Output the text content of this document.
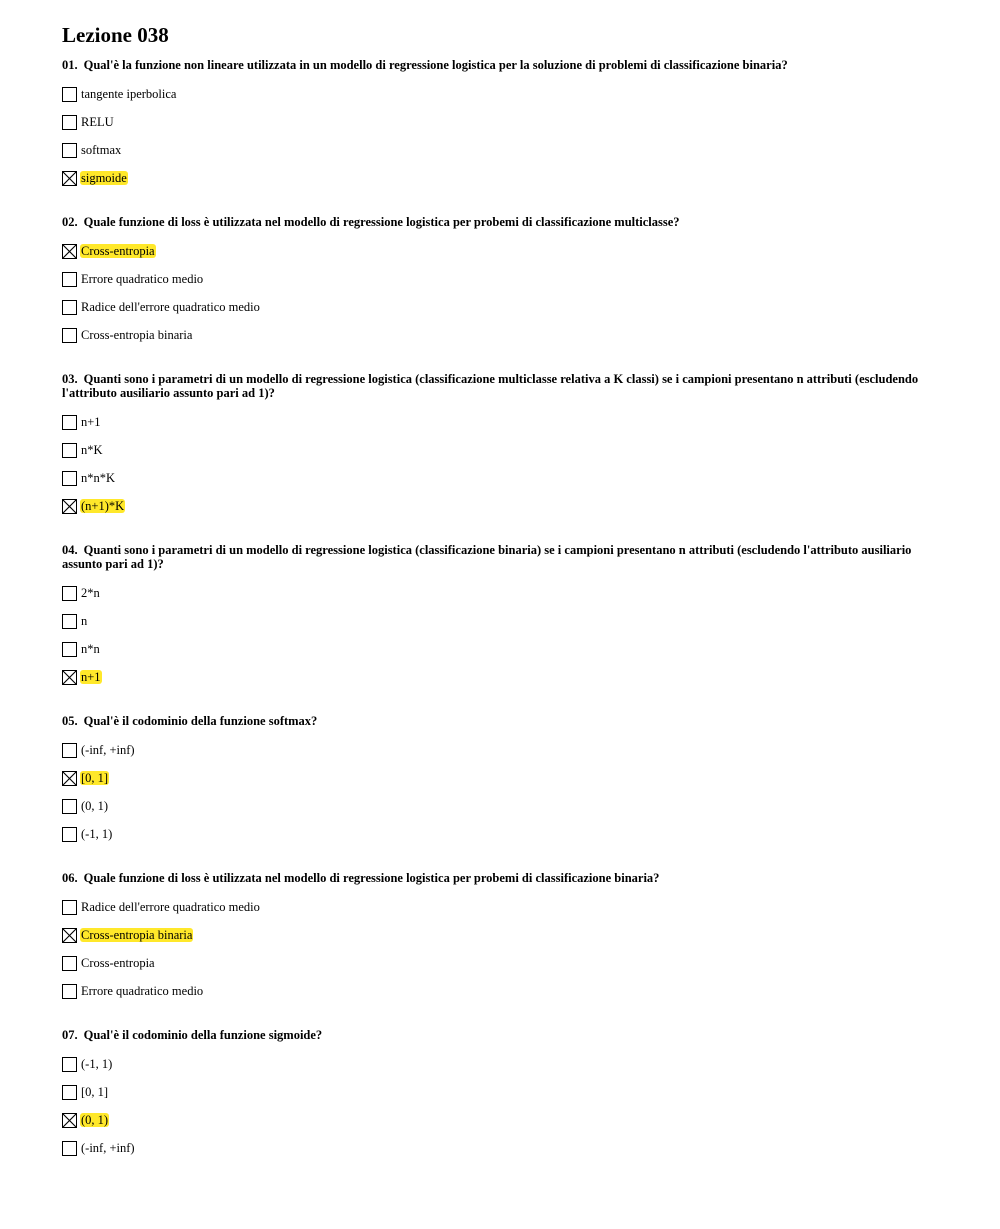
Lezione 038
01. Qual'è la funzione non lineare utilizzata in un modello di regressione logistica per la soluzione di problemi di classificazione binaria?
tangente iperbolica
RELU
softmax
sigmoide
02. Quale funzione di loss è utilizzata nel modello di regressione logistica per probemi di classificazione multiclasse?
Cross-entropia
Errore quadratico medio
Radice dell'errore quadratico medio
Cross-entropia binaria
03. Quanti sono i parametri di un modello di regressione logistica (classificazione multiclasse relativa a K classi) se i campioni presentano n attributi (escludendo l'attributo ausiliario assunto pari ad 1)?
n+1
n*K
n*n*K
(n+1)*K
04. Quanti sono i parametri di un modello di regressione logistica (classificazione binaria) se i campioni presentano n attributi (escludendo l'attributo ausiliario assunto pari ad 1)?
2*n
n
n*n
n+1
05. Qual'è il codominio della funzione softmax?
(-inf, +inf)
[0, 1]
(0, 1)
(-1, 1)
06. Quale funzione di loss è utilizzata nel modello di regressione logistica per probemi di classificazione binaria?
Radice dell'errore quadratico medio
Cross-entropia binaria
Cross-entropia
Errore quadratico medio
07. Qual'è il codominio della funzione sigmoide?
(-1, 1)
[0, 1]
(0, 1)
(-inf, +inf)
